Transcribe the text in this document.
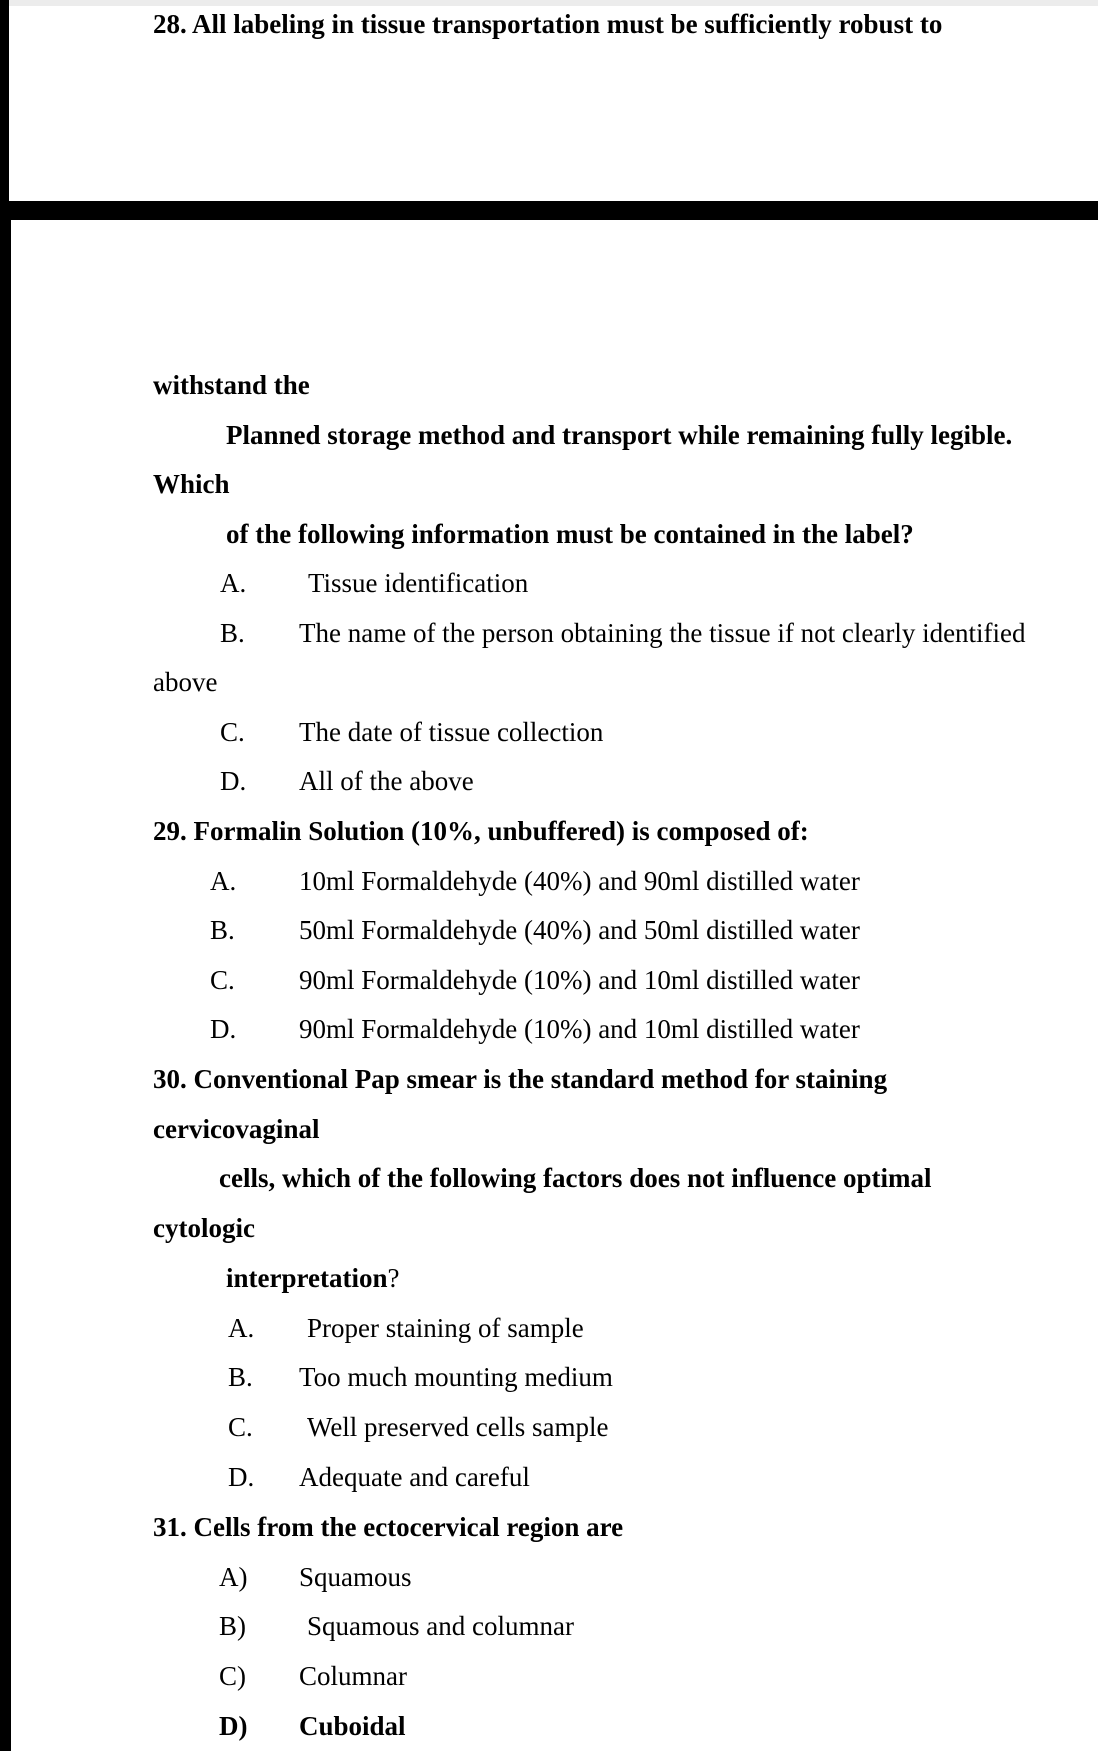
28. All labeling in tissue transportation must be sufficiently robust to
withstand the
Planned storage method and transport while remaining fully legible.
Which
of the following information must be contained in the label?
A. Tissue identification
B. The name of the person obtaining the tissue if not clearly identified
above
C. The date of tissue collection
D. All of the above
29. Formalin Solution (10%, unbuffered) is composed of:
A. 10ml Formaldehyde (40%) and 90ml distilled water
B. 50ml Formaldehyde (40%) and 50ml distilled water
C. 90ml Formaldehyde (10%) and 10ml distilled water
D. 90ml Formaldehyde (10%) and 10ml distilled water
30. Conventional Pap smear is the standard method for staining
cervicovaginal
cells, which of the following factors does not influence optimal
cytologic
interpretation?
A. Proper staining of sample
B. Too much mounting medium
C. Well preserved cells sample
D. Adequate and careful
31. Cells from the ectocervical region are
A) Squamous
B) Squamous and columnar
C) Columnar
D) Cuboidal
